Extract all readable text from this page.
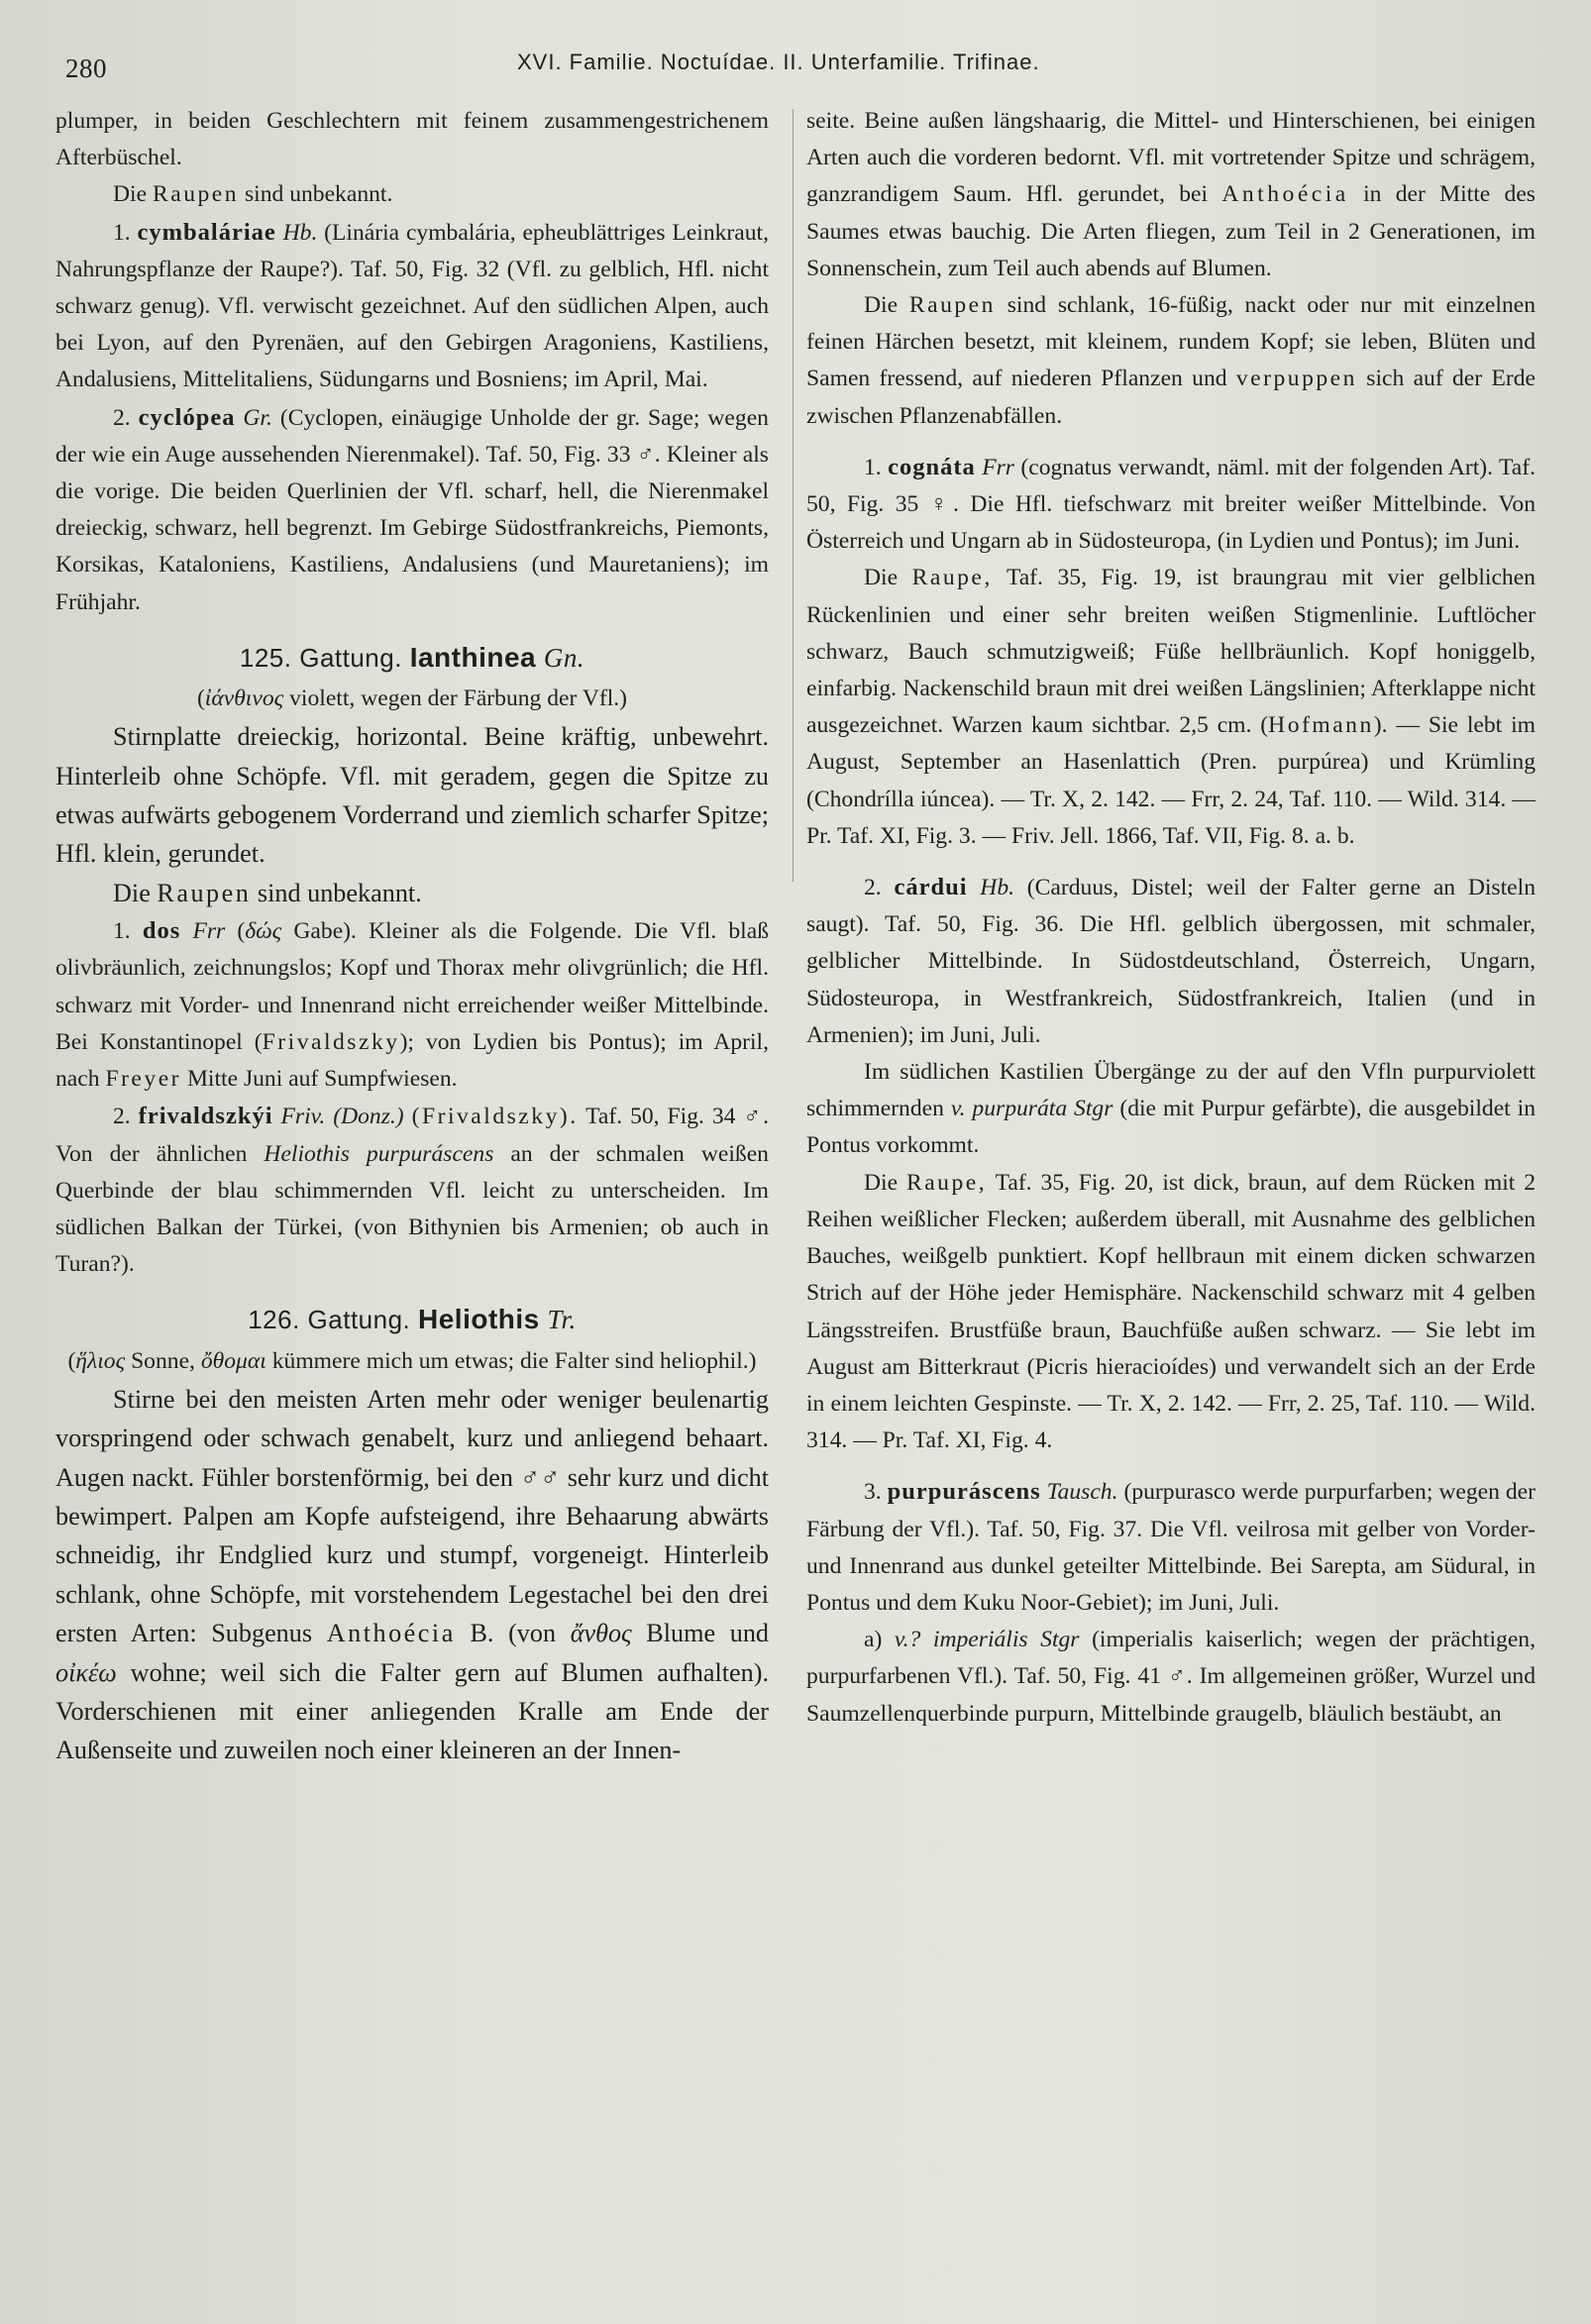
280	XVI. Familie. Noctuídae. II. Unterfamilie. Trifinae.

plumper, in beiden Geschlechtern mit feinem zusammengestrichenem Afterbüschel.

Die Raupen sind unbekannt.

1. cymbaláriae Hb. (Linária cymbalária, epheublättriges Leinkraut, Nahrungspflanze der Raupe?). Taf. 50, Fig. 32 (Vfl. zu gelblich, Hfl. nicht schwarz genug). Vfl. verwischt gezeichnet. Auf den südlichen Alpen, auch bei Lyon, auf den Pyrenäen, auf den Gebirgen Aragoniens, Kastiliens, Andalusiens, Mittelitaliens, Südungarns und Bosniens; im April, Mai.

2. cyclópea Gr. (Cyclopen, einäugige Unholde der gr. Sage; wegen der wie ein Auge aussehenden Nierenmakel). Taf. 50, Fig. 33 ♂. Kleiner als die vorige. Die beiden Querlinien der Vfl. scharf, hell, die Nierenmakel dreieckig, schwarz, hell begrenzt. Im Gebirge Südostfrankreichs, Piemonts, Korsikas, Kataloniens, Kastiliens, Andalusiens (und Mauretaniens); im Frühjahr.

125. Gattung. Ianthinea Gn.

(ἰάνθινος violett, wegen der Färbung der Vfl.)

Stirnplatte dreieckig, horizontal. Beine kräftig, unbewehrt. Hinterleib ohne Schöpfe. Vfl. mit geradem, gegen die Spitze zu etwas aufwärts gebogenem Vorderrand und ziemlich scharfer Spitze; Hfl. klein, gerundet.

Die Raupen sind unbekannt.

1. dos Frr (δώς Gabe). Kleiner als die Folgende. Die Vfl. blaß olivbräunlich, zeichnungslos; Kopf und Thorax mehr olivgrünlich; die Hfl. schwarz mit Vorder- und Innenrand nicht erreichender weißer Mittelbinde. Bei Konstantinopel (Frivaldszky); von Lydien bis Pontus); im April, nach Freyer Mitte Juni auf Sumpfwiesen.

2. frivaldszkýi Friv. (Donz.) (Frivaldszky). Taf. 50, Fig. 34 ♂. Von der ähnlichen Heliothis purpuráscens an der schmalen weißen Querbinde der blau schimmernden Vfl. leicht zu unterscheiden. Im südlichen Balkan der Türkei, (von Bithynien bis Armenien; ob auch in Turan?).

126. Gattung. Heliothis Tr.

(ἥλιος Sonne, ὄθομαι kümmere mich um etwas; die Falter sind heliophil.)

Stirne bei den meisten Arten mehr oder weniger beulenartig vorspringend oder schwach genabelt, kurz und anliegend behaart. Augen nackt. Fühler borstenförmig, bei den ♂♂ sehr kurz und dicht bewimpert. Palpen am Kopfe aufsteigend, ihre Behaarung abwärts schneidig, ihr Endglied kurz und stumpf, vorgeneigt. Hinterleib schlank, ohne Schöpfe, mit vorstehendem Legestachel bei den drei ersten Arten: Subgenus Anthoécia B. (von ἄνθος Blume und οἰκέω wohne; weil sich die Falter gern auf Blumen aufhalten). Vorderschienen mit einer anliegenden Kralle am Ende der Außenseite und zuweilen noch einer kleineren an der Innen-

seite. Beine außen längshaarig, die Mittel- und Hinterschienen, bei einigen Arten auch die vorderen bedornt. Vfl. mit vortretender Spitze und schrägem, ganzrandigem Saum. Hfl. gerundet, bei Anthoécia in der Mitte des Saumes etwas bauchig. Die Arten fliegen, zum Teil in 2 Generationen, im Sonnenschein, zum Teil auch abends auf Blumen.

Die Raupen sind schlank, 16-füßig, nackt oder nur mit einzelnen feinen Härchen besetzt, mit kleinem, rundem Kopf; sie leben, Blüten und Samen fressend, auf niederen Pflanzen und verpuppen sich auf der Erde zwischen Pflanzenabfällen.

1. cognáta Frr (cognatus verwandt, näml. mit der folgenden Art). Taf. 50, Fig. 35 ♀. Die Hfl. tiefschwarz mit breiter weißer Mittelbinde. Von Österreich und Ungarn ab in Südosteuropa, (in Lydien und Pontus); im Juni.

Die Raupe, Taf. 35, Fig. 19, ist braungrau mit vier gelblichen Rückenlinien und einer sehr breiten weißen Stigmenlinie. Luftlöcher schwarz, Bauch schmutzigweiß; Füße hellbräunlich. Kopf honiggelb, einfarbig. Nackenschild braun mit drei weißen Längslinien; Afterklappe nicht ausgezeichnet. Warzen kaum sichtbar. 2,5 cm. (Hofmann). — Sie lebt im August, September an Hasenlattich (Pren. purpúrea) und Krümling (Chondrílla iúncea). — Tr. X, 2. 142. — Frr, 2. 24, Taf. 110. — Wild. 314. — Pr. Taf. XI, Fig. 3. — Friv. Jell. 1866, Taf. VII, Fig. 8. a. b.

2. cárdui Hb. (Carduus, Distel; weil der Falter gerne an Disteln saugt). Taf. 50, Fig. 36. Die Hfl. gelblich übergossen, mit schmaler, gelblicher Mittelbinde. In Südostdeutschland, Österreich, Ungarn, Südosteuropa, in Westfrankreich, Südostfrankreich, Italien (und in Armenien); im Juni, Juli.

Im südlichen Kastilien Übergänge zu der auf den Vfln purpurviolett schimmernden v. purpuráta Stgr (die mit Purpur gefärbte), die ausgebildet in Pontus vorkommt.

Die Raupe, Taf. 35, Fig. 20, ist dick, braun, auf dem Rücken mit 2 Reihen weißlicher Flecken; außerdem überall, mit Ausnahme des gelblichen Bauches, weißgelb punktiert. Kopf hellbraun mit einem dicken schwarzen Strich auf der Höhe jeder Hemisphäre. Nackenschild schwarz mit 4 gelben Längsstreifen. Brustfüße braun, Bauchfüße außen schwarz. — Sie lebt im August am Bitterkraut (Picris hieracioídes) und verwandelt sich an der Erde in einem leichten Gespinste. — Tr. X, 2. 142. — Frr, 2. 25, Taf. 110. — Wild. 314. — Pr. Taf. XI, Fig. 4.

3. purpuráscens Tausch. (purpurasco werde purpurfarben; wegen der Färbung der Vfl.). Taf. 50, Fig. 37. Die Vfl. veilrosa mit gelber von Vorder- und Innenrand aus dunkel geteilter Mittelbinde. Bei Sarepta, am Südural, in Pontus und dem Kuku Noor-Gebiet); im Juni, Juli.

a) v.? imperiális Stgr (imperialis kaiserlich; wegen der prächtigen, purpurfarbenen Vfl.). Taf. 50, Fig. 41 ♂. Im allgemeinen größer, Wurzel und Saumzellenquerbinde purpurn, Mittelbinde graugelb, bläulich bestäubt, an
